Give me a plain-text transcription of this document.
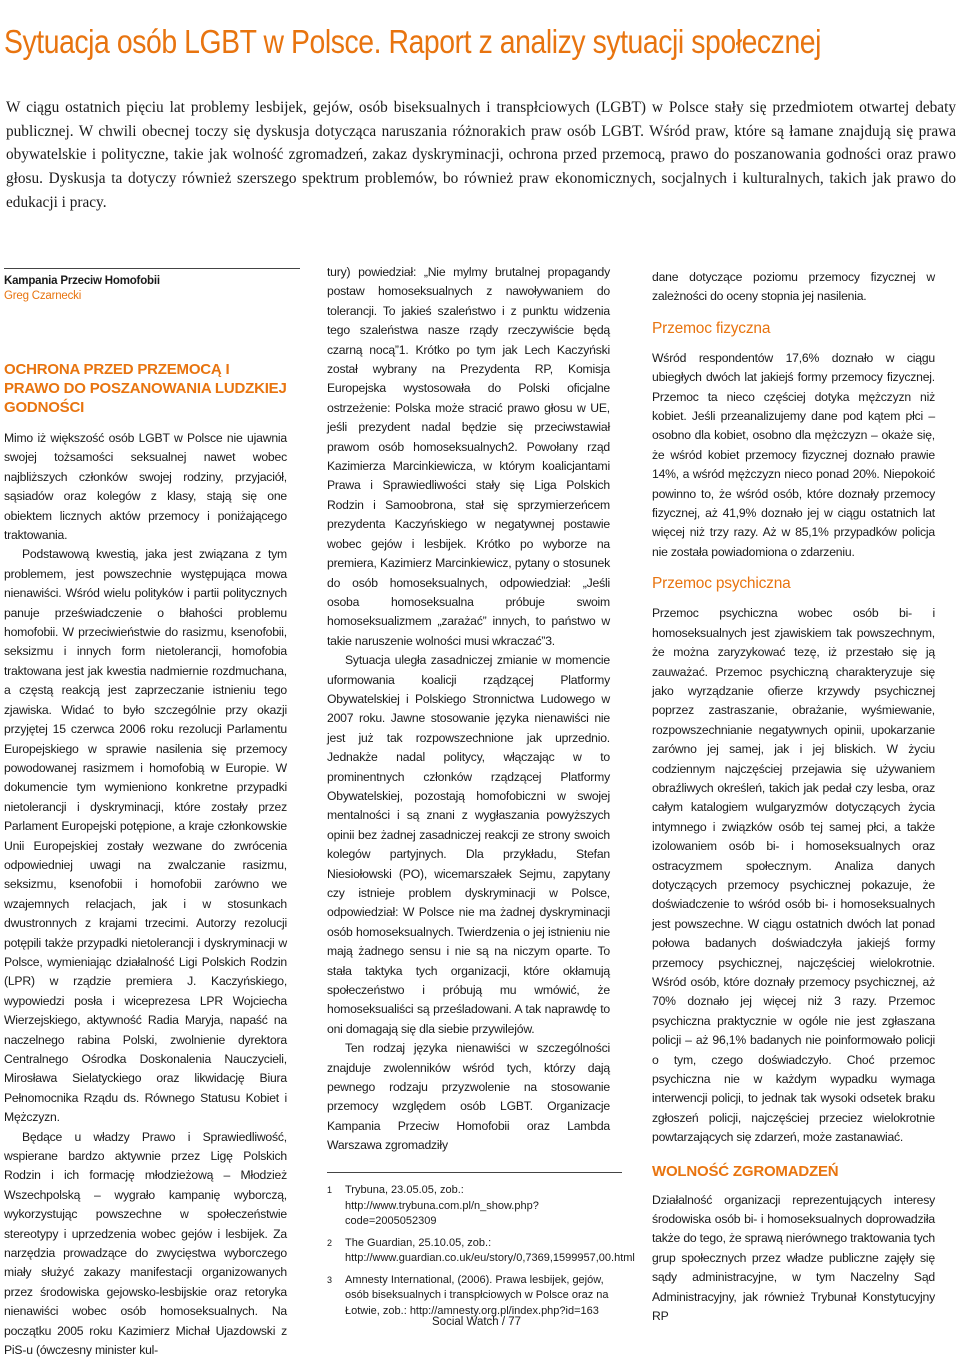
Sytuacja osób LGBT w Polsce. Raport z analizy sytuacji społecznej

W ciągu ostatnich pięciu lat problemy lesbijek, gejów, osób biseksualnych i transpłciowych (LGBT) w Polsce stały się przedmiotem otwartej debaty publicznej. W chwili obecnej toczy się dyskusja dotycząca naruszania różnorakich praw osób LGBT. Wśród praw, które są łamane znajdują się prawa obywatelskie i polityczne, takie jak wolność zgromadzeń, zakaz dyskryminacji, ochrona przed przemocą, prawo do poszanowania godności oraz prawo głosu. Dyskusja ta dotyczy również szerszego spektrum problemów, bo również praw ekonomicznych, socjalnych i kulturalnych, takich jak prawo do edukacji i pracy.

Kampania Przeciw Homofobii
Greg Czarnecki
OCHRONA PRZED PRZEMOCĄ I PRAWO DO POSZANOWANIA LUDZKIEJ GODNOŚCI

Mimo iż większość osób LGBT w Polsce nie ujawnia swojej tożsamości seksualnej nawet wobec najbliższych członków swojej rodziny, przyjaciół, sąsiadów oraz kolegów z klasy, stają się one obiektem licznych aktów przemocy i poniżającego traktowania.

Podstawową kwestią, jaka jest związana z tym problemem, jest powszechnie występująca mowa nienawiści. Wśród wielu polityków i partii politycznych panuje przeświadczenie o błahości problemu homofobii. W przeciwieństwie do rasizmu, ksenofobii, seksizmu i innych form nietolerancji, homofobia traktowana jest jak kwestia nadmiernie rozdmuchana, a częstą reakcją jest zaprzeczanie istnieniu tego zjawiska. Widać to było szczególnie przy okazji przyjętej 15 czerwca 2006 roku rezolucji Parlamentu Europejskiego w sprawie nasilenia się przemocy powodowanej rasizmem i homofobią w Europie. W dokumencie tym wymieniono konkretne przypadki nietolerancji i dyskryminacji, które zostały przez Parlament Europejski potępione, a kraje członkowskie Unii Europejskiej zostały wezwane do zwrócenia odpowiedniej uwagi na zwalczanie rasizmu, seksizmu, ksenofobii i homofobii zarówno we wzajemnych relacjach, jak i w stosunkach dwustronnych z krajami trzecimi. Autorzy rezolucji potępili także przypadki nietolerancji i dyskryminacji w Polsce, wymieniając działalność Ligi Polskich Rodzin (LPR) w rządzie premiera J. Kaczyńskiego, wypowiedzi posła i wiceprezesa LPR Wojciecha Wierzejskiego, aktywność Radia Maryja, napaść na naczelnego rabina Polski, zwolnienie dyrektora Centralnego Ośrodka Doskonalenia Nauczycieli, Mirosława Sielatyckiego oraz likwidację Biura Pełnomocnika Rządu ds. Równego Statusu Kobiet i Mężczyzn.

Będące u władzy Prawo i Sprawiedliwość, wspierane bardzo aktywnie przez Ligę Polskich Rodzin i ich formację młodzieżową – Młodzież Wszechpolską – wygrało kampanię wyborczą, wykorzystując powszechne w społeczeństwie stereotypy i uprzedzenia wobec gejów i lesbijek. Za narzędzia prowadzące do zwycięstwa wyborczego miały służyć zakazy manifestacji organizowanych przez środowiska gejowsko-lesbijskie oraz retoryka nienawiści wobec osób homoseksualnych. Na początku 2005 roku Kazimierz Michał Ujazdowski z PiS-u (ówczesny minister kul-

tury) powiedział: „Nie mylmy brutalnej propagandy postaw homoseksualnych z nawoływaniem do tolerancji. To jakieś szaleństwo i z punktu widzenia tego szaleństwa nasze rządy rzeczywiście będą czarną nocą”1. Krótko po tym jak Lech Kaczyński został wybrany na Prezydenta RP, Komisja Europejska wystosowała do Polski oficjalne ostrzeżenie: Polska może stracić prawo głosu w UE, jeśli prezydent nadal będzie się przeciwstawiał prawom osób homoseksualnych2. Powołany rząd Kazimierza Marcinkiewicza, w którym koalicjantami Prawa i Sprawiedliwości stały się Liga Polskich Rodzin i Samoobrona, stał się sprzymierzeńcem prezydenta Kaczyńskiego w negatywnej postawie wobec gejów i lesbijek. Krótko po wyborze na premiera, Kazimierz Marcinkiewicz, pytany o stosunek do osób homoseksualnych, odpowiedział: „Jeśli osoba homoseksualna próbuje swoim homoseksualizmem „zarażać” innych, to państwo w takie naruszenie wolności musi wkraczać”3.

Sytuacja uległa zasadniczej zmianie w momencie uformowania koalicji rządzącej Platformy Obywatelskiej i Polskiego Stronnictwa Ludowego w 2007 roku. Jawne stosowanie języka nienawiści nie jest już tak rozpowszechnione jak uprzednio. Jednakże nadal politycy, włączając w to prominentnych członków rządzącej Platformy Obywatelskiej, pozostają homofobiczni w swojej mentalności i są znani z wygłaszania powyższych opinii bez żadnej zasadniczej reakcji ze strony swoich kolegów partyjnych. Dla przykładu, Stefan Niesiołowski (PO), wicemarszałek Sejmu, zapytany czy istnieje problem dyskryminacji w Polsce, odpowiedział: W Polsce nie ma żadnej dyskryminacji osób homoseksualnych. Twierdzenia o jej istnieniu nie mają żadnego sensu i nie są na niczym oparte. To stała taktyka tych organizacji, które okłamują społeczeństwo i próbują mu wmówić, że homoseksualiści są prześladowani. A tak naprawdę to oni domagają się dla siebie przywilejów.

Ten rodzaj języka nienawiści w szczególności znajduje zwolenników wśród tych, którzy dają pewnego rodzaju przyzwolenie na stosowanie przemocy względem osób LGBT. Organizacje Kampania Przeciw Homofobii oraz Lambda Warszawa zgromadziły

1	Trybuna, 23.05.05, zob.: http://www.trybuna.com.pl/n_show.php?code=2005052309
2	The Guardian, 25.10.05, zob.: http://www.guardian.co.uk/eu/story/0,7369,1599957,00.html
3	Amnesty International, (2006). Prawa lesbijek, gejów, osób biseksualnych i transpłciowych w Polsce oraz na Łotwie, zob.: http://amnesty.org.pl/index.php?id=163

dane dotyczące poziomu przemocy fizycznej w zależności do oceny stopnia jej nasilenia.

Przemoc fizyczna

Wśród respondentów 17,6% doznało w ciągu ubiegłych dwóch lat jakiejś formy przemocy fizycznej. Przemoc ta nieco częściej dotyka mężczyzn niż kobiet. Jeśli przeanalizujemy dane pod kątem płci – osobno dla kobiet, osobno dla mężczyzn – okaże się, że wśród kobiet przemocy fizycznej doznało prawie 14%, a wśród mężczyzn nieco ponad 20%. Niepokoić powinno to, że wśród osób, które doznały przemocy fizycznej, aż 41,9% doznało jej w ciągu ostatnich lat więcej niż trzy razy. Aż w 85,1% przypadków policja nie została powiadomiona o zdarzeniu.

Przemoc psychiczna

Przemoc psychiczna wobec osób bi- i homoseksualnych jest zjawiskiem tak powszechnym, że można zaryzykować tezę, iż przestało się ją zauważać. Przemoc psychiczną charakteryzuje się jako wyrządzanie ofierze krzywdy psychicznej poprzez zastraszanie, obrażanie, wyśmiewanie, rozpowszechnianie negatywnych opinii, upokarzanie zarówno jej samej, jak i jej bliskich. W życiu codziennym najczęściej przejawia się używaniem obraźliwych określeń, takich jak pedał czy lesba, oraz całym katalogiem wulgaryzmów dotyczących życia intymnego i związków osób tej samej płci, a także izolowaniem osób bi- i homoseksualnych oraz ostracyzmem społecznym. Analiza danych dotyczących przemocy psychicznej pokazuje, że doświadczenie to wśród osób bi- i homoseksualnych jest powszechne. W ciągu ostatnich dwóch lat ponad połowa badanych doświadczyła jakiejś formy przemocy psychicznej, najczęściej wielokrotnie. Wśród osób, które doznały przemocy psychicznej, aż 70% doznało jej więcej niż 3 razy. Przemoc psychiczna praktycznie w ogóle nie jest zgłaszana policji – aż 96,1% badanych nie poinformowało policji o tym, czego doświadczyło. Choć przemoc psychiczna nie w każdym wypadku wymaga interwencji policji, to jednak tak wysoki odsetek braku zgłoszeń policji, najczęściej przeciez wielokrotnie powtarzających się zdarzeń, może zastanawiać.

WOLNOŚĆ ZGROMADZEŃ

Działalność organizacji reprezentujących interesy środowiska osób bi- i homoseksualnych doprowadziła także do tego, że sprawą nierównego traktowania tych grup społecznych przez władze publiczne zajęły się sądy administracyjne, w tym Naczelny Sąd Administracyjny, jak również Trybunał Konstytucyjny RP

Social Watch / 77
